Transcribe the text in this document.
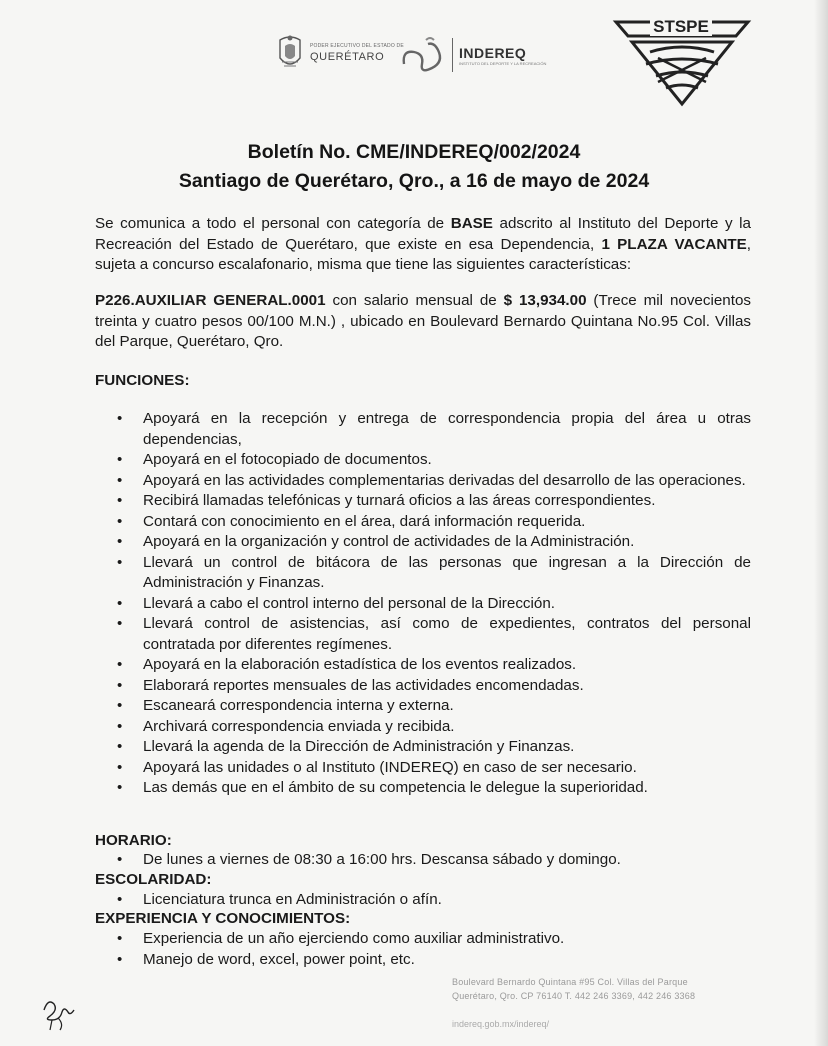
PODER EJECUTIVO DEL ESTADO DE
QUERÉTARO	INDEREQ
INSTITUTO DEL DEPORTE Y LA RECREACIÓN
STSPE
Boletín No. CME/INDEREQ/002/2024
Santiago de Querétaro, Qro., a 16 de mayo de 2024
Se comunica a todo el personal con categoría de BASE adscrito al Instituto del Deporte y la Recreación del Estado de Querétaro, que existe en esa Dependencia, 1 PLAZA VACANTE, sujeta a concurso escalafonario, misma que tiene las siguientes características:
P226.AUXILIAR GENERAL.0001 con salario mensual de $ 13,934.00 (Trece mil novecientos treinta y cuatro pesos 00/100 M.N.) , ubicado en Boulevard Bernardo Quintana No.95 Col. Villas del Parque, Querétaro, Qro.
FUNCIONES:
• Apoyará en la recepción y entrega de correspondencia propia del área u otras dependencias,
• Apoyará en el fotocopiado de documentos.
• Apoyará en las actividades complementarias derivadas del desarrollo de las operaciones.
• Recibirá llamadas telefónicas y turnará oficios a las áreas correspondientes.
• Contará con conocimiento en el área, dará información requerida.
• Apoyará en la organización y control de actividades de la Administración.
• Llevará un control de bitácora de las personas que ingresan a la Dirección de Administración y Finanzas.
• Llevará a cabo el control interno del personal de la Dirección.
• Llevará control de asistencias, así como de expedientes, contratos del personal contratada por diferentes regímenes.
• Apoyará en la elaboración estadística de los eventos realizados.
• Elaborará reportes mensuales de las actividades encomendadas.
• Escaneará correspondencia interna y externa.
• Archivará correspondencia enviada y recibida.
• Llevará la agenda de la Dirección de Administración y Finanzas.
• Apoyará las unidades o al Instituto (INDEREQ) en caso de ser necesario.
• Las demás que en el ámbito de su competencia le delegue la superioridad.
HORARIO:
• De lunes a viernes de 08:30 a 16:00 hrs. Descansa sábado y domingo.
ESCOLARIDAD:
• Licenciatura trunca en Administración o afín.
EXPERIENCIA Y CONOCIMIENTOS:
• Experiencia de un año ejerciendo como auxiliar administrativo.
• Manejo de word, excel, power point, etc.
Boulevard Bernardo Quintana #95 Col. Villas del Parque
Querétaro, Qro. CP 76140 T. 442 246 3369, 442 246 3368
indereq.gob.mx/indereq/
